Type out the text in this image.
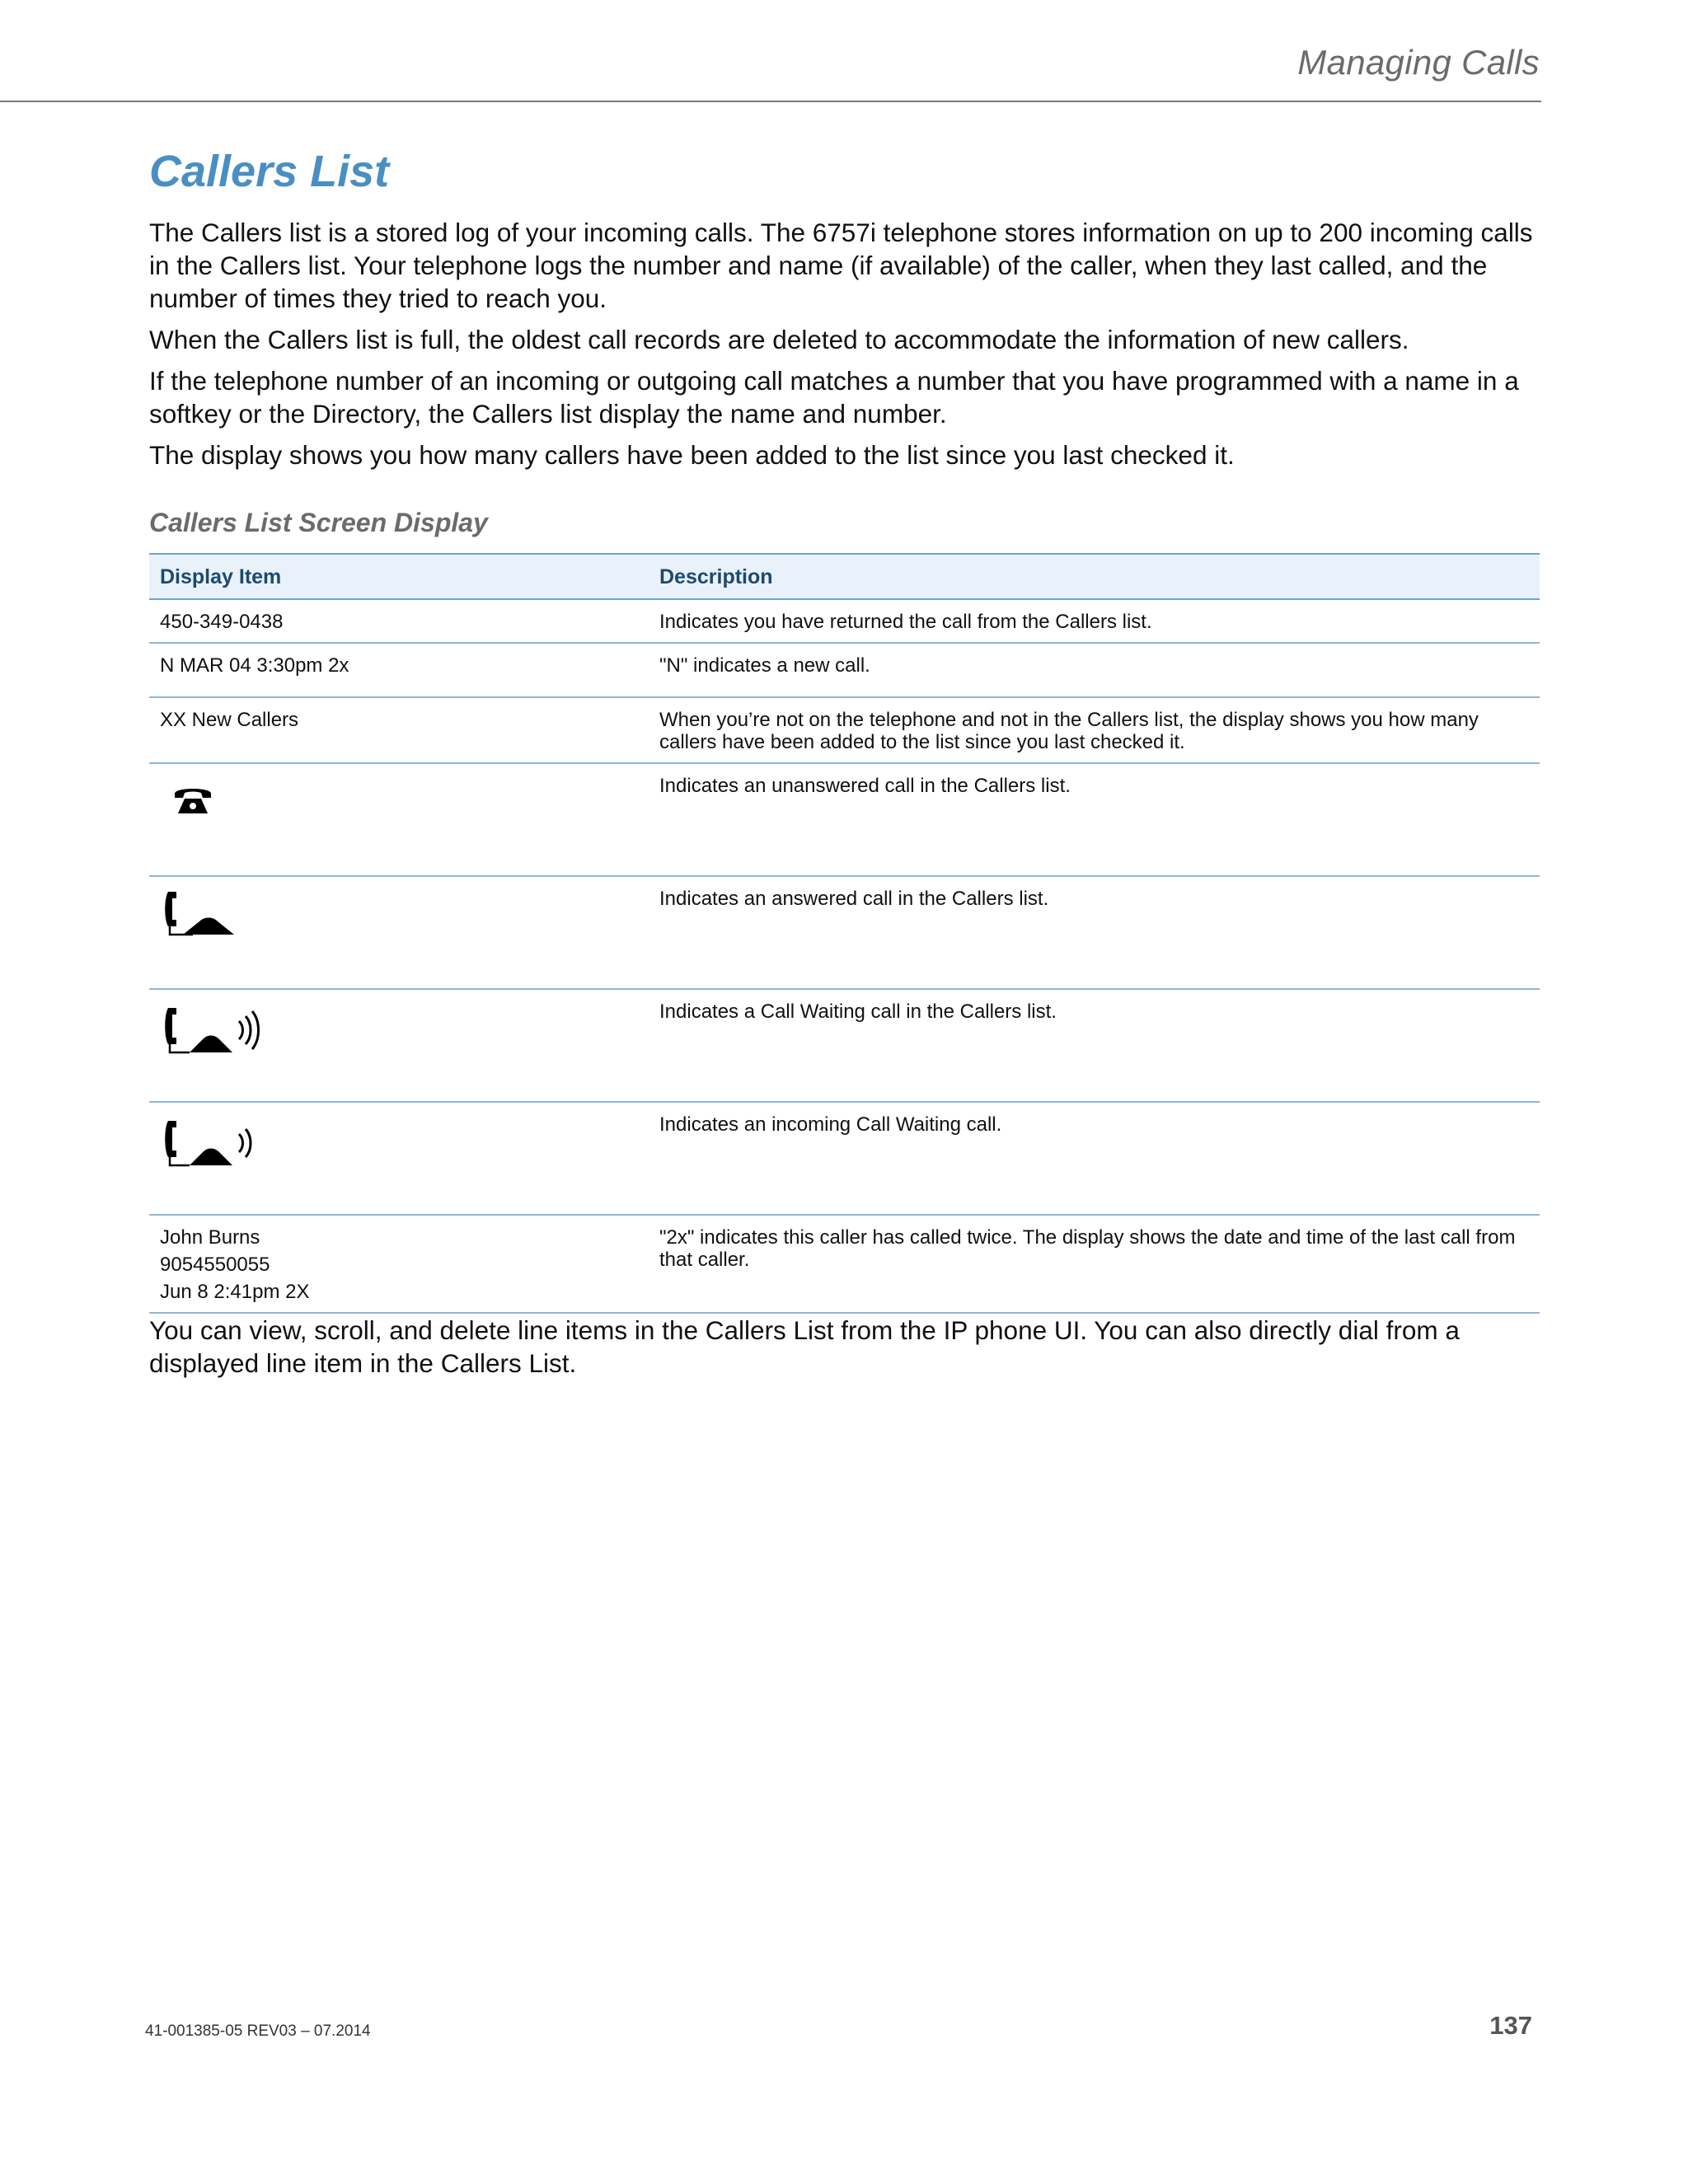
Managing Calls
Callers List

The Callers list is a stored log of your incoming calls. The 6757i telephone stores information on up to 200 incoming calls in the Callers list. Your telephone logs the number and name (if available) of the caller, when they last called, and the number of times they tried to reach you.

When the Callers list is full, the oldest call records are deleted to accommodate the information of new callers.

If the telephone number of an incoming or outgoing call matches a number that you have programmed with a name in a softkey or the Directory, the Callers list display the name and number.

The display shows you how many callers have been added to the list since you last checked it.

Callers List Screen Display
Display Item	Description
450-349-0438	Indicates you have returned the call from the Callers list.
N MAR 04 3:30pm 2x	"N" indicates a new call.
XX New Callers	When you’re not on the telephone and not in the Callers list, the display shows you how many callers have been added to the list since you last checked it.

	Indicates an unanswered call in the Callers list.

	Indicates an answered call in the Callers list.

	Indicates a Call Waiting call in the Callers list.

	Indicates an incoming Call Waiting call.

John Burns
9054550055
Jun 8 2:41pm 2X	"2x" indicates this caller has called twice. The display shows the date and time of the last call from that caller.

You can view, scroll, and delete line items in the Callers List from the IP phone UI. You can also directly dial from a displayed line item in the Callers List.

41-001385-05 REV03 – 07.2014	137
